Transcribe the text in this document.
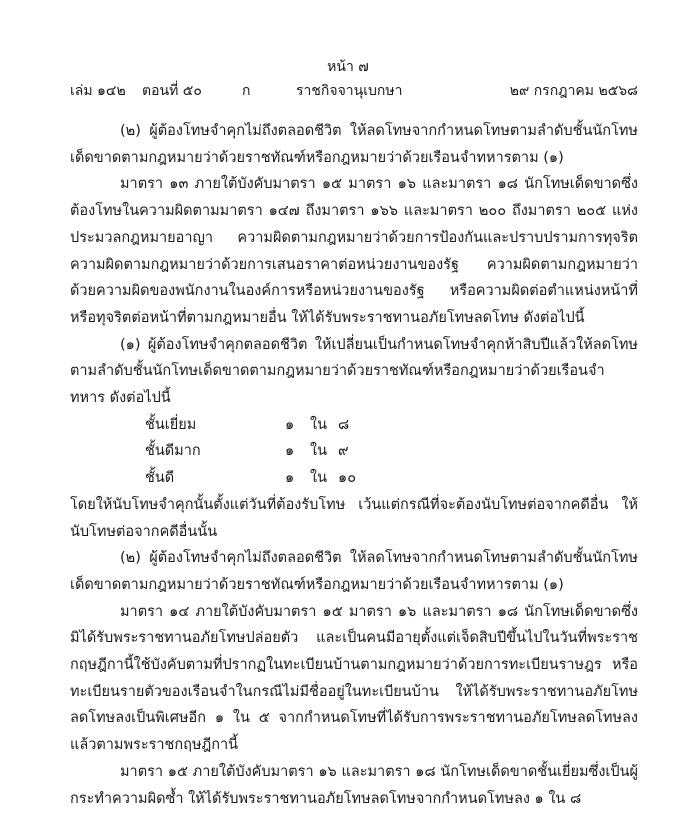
หน้า ๗
เล่ม ๑๔๒ ตอนที่ ๕๐	ก	ราชกิจจานุเบกษา	๒๙ กรกฎาคม ๒๕๖๘

(๒) ผู้ต้องโทษจำคุกไม่ถึงตลอดชีวิต ให้ลดโทษจากกำหนดโทษตามลำดับชั้นนักโทษเด็ดขาดตามกฎหมายว่าด้วยราชทัณฑ์หรือกฎหมายว่าด้วยเรือนจำทหารตาม (๑)

มาตรา ๑๓ ภายใต้บังคับมาตรา ๑๕ มาตรา ๑๖ และมาตรา ๑๘ นักโทษเด็ดขาดซึ่งต้องโทษในความผิดตามมาตรา ๑๔๗ ถึงมาตรา ๑๖๖ และมาตรา ๒๐๐ ถึงมาตรา ๒๐๕ แห่งประมวลกฎหมายอาญา ความผิดตามกฎหมายว่าด้วยการป้องกันและปราบปรามการทุจริต ความผิดตามกฎหมายว่าด้วยการเสนอราคาต่อหน่วยงานของรัฐ ความผิดตามกฎหมายว่าด้วยความผิดของพนักงานในองค์การหรือหน่วยงานของรัฐ หรือความผิดต่อตำแหน่งหน้าที่หรือทุจริตต่อหน้าที่ตามกฎหมายอื่น ให้ได้รับพระราชทานอภัยโทษลดโทษ ดังต่อไปนี้

(๑) ผู้ต้องโทษจำคุกตลอดชีวิต ให้เปลี่ยนเป็นกำหนดโทษจำคุกห้าสิบปีแล้วให้ลดโทษตามลำดับชั้นนักโทษเด็ดขาดตามกฎหมายว่าด้วยราชทัณฑ์หรือกฎหมายว่าด้วยเรือนจำทหาร ดังต่อไปนี้

ชั้นเยี่ยม	๑ ใน ๘
ชั้นดีมาก	๑ ใน ๙
ชั้นดี	๑ ใน ๑๐

โดยให้นับโทษจำคุกนั้นตั้งแต่วันที่ต้องรับโทษ เว้นแต่กรณีที่จะต้องนับโทษต่อจากคดีอื่น ให้นับโทษต่อจากคดีอื่นนั้น

(๒) ผู้ต้องโทษจำคุกไม่ถึงตลอดชีวิต ให้ลดโทษจากกำหนดโทษตามลำดับชั้นนักโทษเด็ดขาดตามกฎหมายว่าด้วยราชทัณฑ์หรือกฎหมายว่าด้วยเรือนจำทหารตาม (๑)

มาตรา ๑๔ ภายใต้บังคับมาตรา ๑๕ มาตรา ๑๖ และมาตรา ๑๘ นักโทษเด็ดขาดซึ่งมิได้รับพระราชทานอภัยโทษปล่อยตัว และเป็นคนมีอายุตั้งแต่เจ็ดสิบปีขึ้นไปในวันที่พระราชกฤษฎีกานี้ใช้บังคับตามที่ปรากฏในทะเบียนบ้านตามกฎหมายว่าด้วยการทะเบียนราษฎร หรือทะเบียนรายตัวของเรือนจำในกรณีไม่มีชื่ออยู่ในทะเบียนบ้าน ให้ได้รับพระราชทานอภัยโทษลดโทษลงเป็นพิเศษอีก ๑ ใน ๕ จากกำหนดโทษที่ได้รับการพระราชทานอภัยโทษลดโทษลงแล้วตามพระราชกฤษฎีกานี้

มาตรา ๑๕ ภายใต้บังคับมาตรา ๑๖ และมาตรา ๑๘ นักโทษเด็ดขาดชั้นเยี่ยมซึ่งเป็นผู้กระทำความผิดซ้ำ ให้ได้รับพระราชทานอภัยโทษลดโทษจากกำหนดโทษลง ๑ ใน ๘
